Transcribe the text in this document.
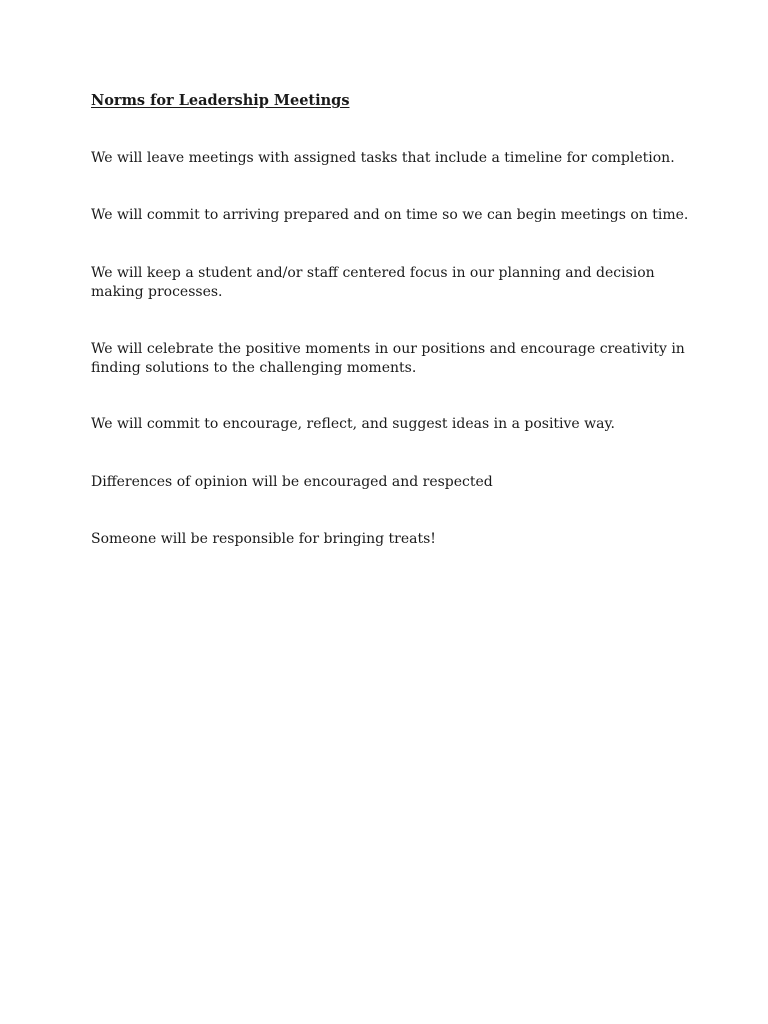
Norms for Leadership Meetings

We will leave meetings with assigned tasks that include a timeline for completion.

We will commit to arriving prepared and on time so we can begin meetings on time.

We will keep a student and/or staff centered focus in our planning and decision making processes.

We will celebrate the positive moments in our positions and encourage creativity in finding solutions to the challenging moments.

We will commit to encourage, reflect, and suggest ideas in a positive way.

Differences of opinion will be encouraged and respected

Someone will be responsible for bringing treats!
